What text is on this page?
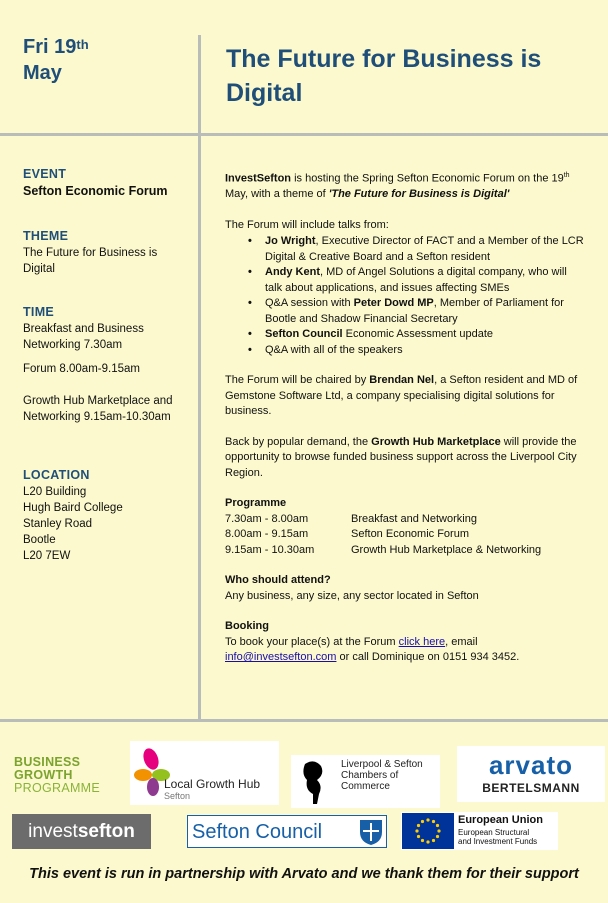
Fri 19th
May	The Future for Business is Digital
EVENT
Sefton Economic Forum
THEME
The Future for Business is Digital
TIME
Breakfast and Business Networking 7.30am
Forum 8.00am-9.15am
Growth Hub Marketplace and Networking 9.15am-10.30am
LOCATION
L20 Building
Hugh Baird College
Stanley Road
Bootle
L20 7EW

InvestSefton is hosting the Spring Sefton Economic Forum on the 19th May, with a theme of 'The Future for Business is Digital'

The Forum will include talks from:
• Jo Wright, Executive Director of FACT and a Member of the LCR Digital & Creative Board and a Sefton resident
• Andy Kent, MD of Angel Solutions a digital company, who will talk about applications, and issues affecting SMEs
• Q&A session with Peter Dowd MP, Member of Parliament for Bootle and Shadow Financial Secretary
• Sefton Council Economic Assessment update
• Q&A with all of the speakers

The Forum will be chaired by Brendan Nel, a Sefton resident and MD of Gemstone Software Ltd, a company specialising digital solutions for business.

Back by popular demand, the Growth Hub Marketplace will provide the opportunity to browse funded business support across the Liverpool City Region.

Programme
7.30am - 8.00am	Breakfast and Networking
8.00am - 9.15am	Sefton Economic Forum
9.15am - 10.30am	Growth Hub Marketplace & Networking

Who should attend?
Any business, any size, any sector located in Sefton

Booking
To book your place(s) at the Forum click here, email
info@investsefton.com or call Dominique on 0151 934 3452.
BUSINESS
GROWTH
PROGRAMME	Local Growth Hub
Sefton
Liverpool & Sefton
Chambers of
Commerce
arvato
BERTELSMANN
investsefton	Sefton Council
European Union
European Structural
and Investment Funds
This event is run in partnership with Arvato and we thank them for their support
